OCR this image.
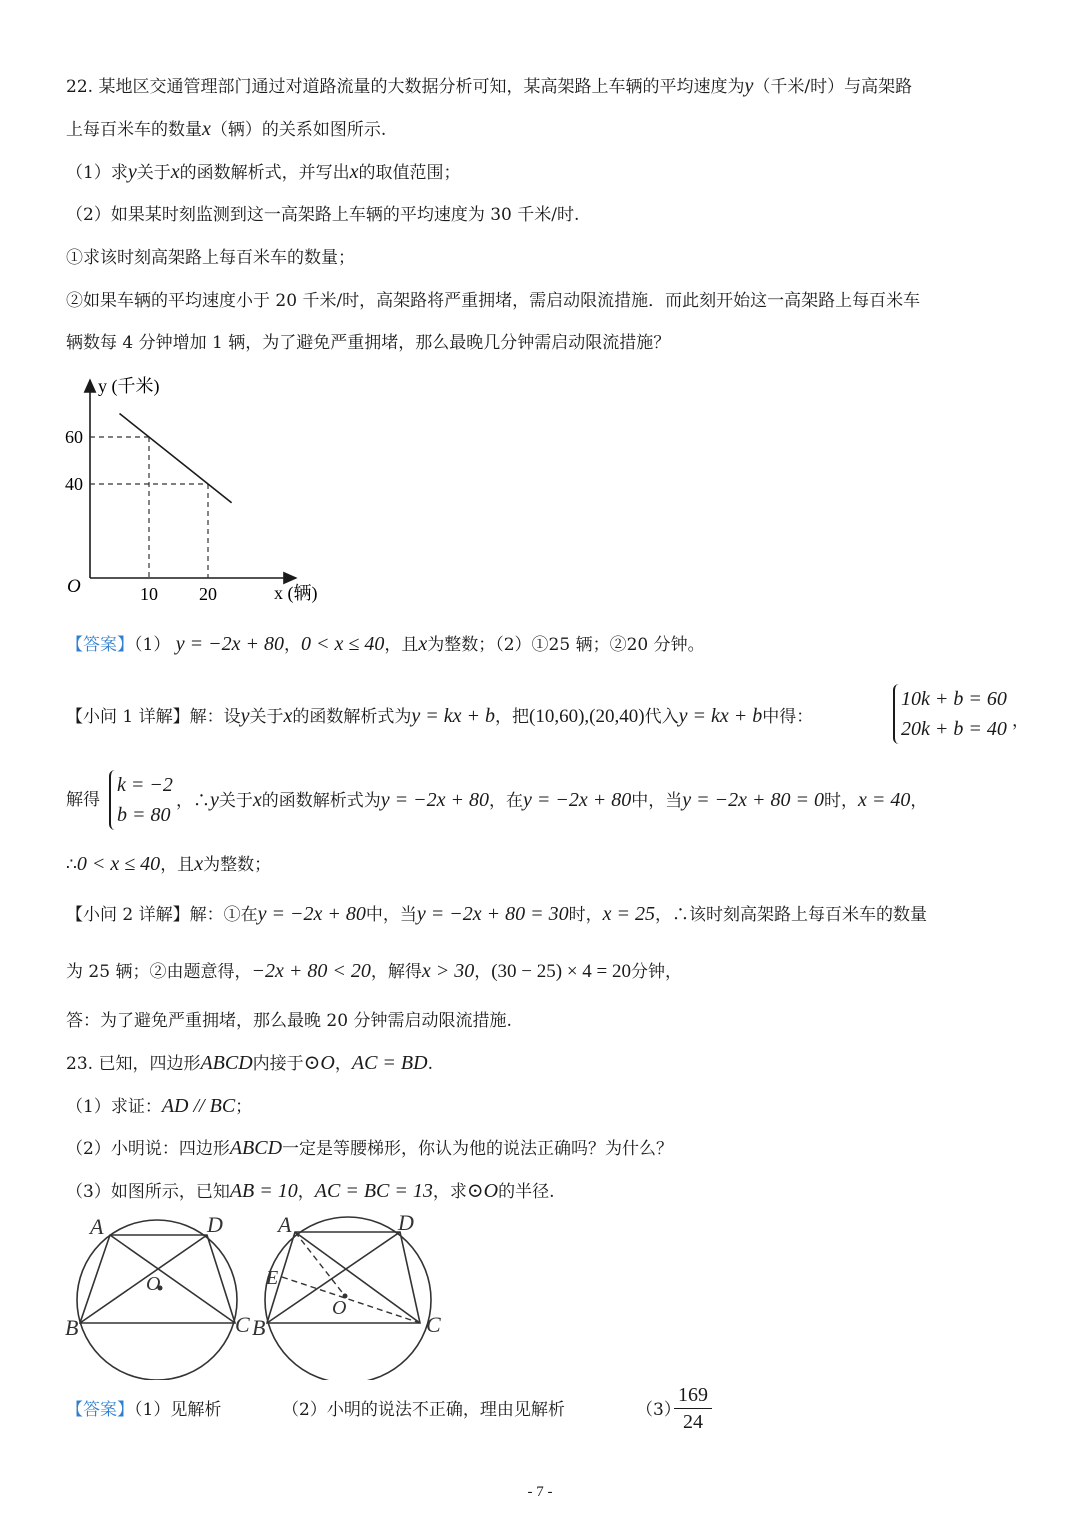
22. 某地区交通管理部门通过对道路流量的大数据分析可知，某高架路上车辆的平均速度为y（千米/时）与高架路
上每百米车的数量x（辆）的关系如图所示.
（1）求y关于x的函数解析式，并写出x的取值范围；
（2）如果某时刻监测到这一高架路上车辆的平均速度为 30 千米/时.
①求该时刻高架路上每百米车的数量；
②如果车辆的平均速度小于 20 千米/时，高架路将严重拥堵，需启动限流措施．而此刻开始这一高架路上每百米车
辆数每 4 分钟增加 1 辆，为了避免严重拥堵，那么最晚几分钟需启动限流措施？
10 20
60
40
O
y (千米)
x (辆)
【答案】（1） y = −2x + 80，0 < x ≤ 40，且x为整数；（2）①25 辆；②20 分钟。
【小问 1 详解】解：设y关于x的函数解析式为y = kx + b，把(10,60),(20,40)代入y = kx + b中得：
10k + b = 60
20k + b = 40 ，
解得
k = −2
b = 80
，∴y关于x的函数解析式为y = −2x + 80，在y = −2x + 80中，当y = −2x + 80 = 0时，x = 40，
∴0 < x ≤ 40，且x为整数；
【小问 2 详解】解：①在y = −2x + 80中，当y = −2x + 80 = 30时，x = 25，∴该时刻高架路上每百米车的数量
为 25 辆；②由题意得，−2x + 80 < 20，解得x > 30，(30 − 25) × 4 = 20分钟，
答：为了避免严重拥堵，那么最晚 20 分钟需启动限流措施.
23. 已知，四边形ABCD内接于⊙O，AC = BD.
（1）求证：AD // BC；
（2）小明说：四边形ABCD一定是等腰梯形，你认为他的说法正确吗？为什么？
（3）如图所示，已知AB = 10，AC = BC = 13，求⊙O的半径.
A	D
O
B	C
A	D
E
O
B	C
【答案】（1）见解析	（2）小明的说法不正确，理由见解析	（3）
$\frac{169}{24}$
- 7 -
